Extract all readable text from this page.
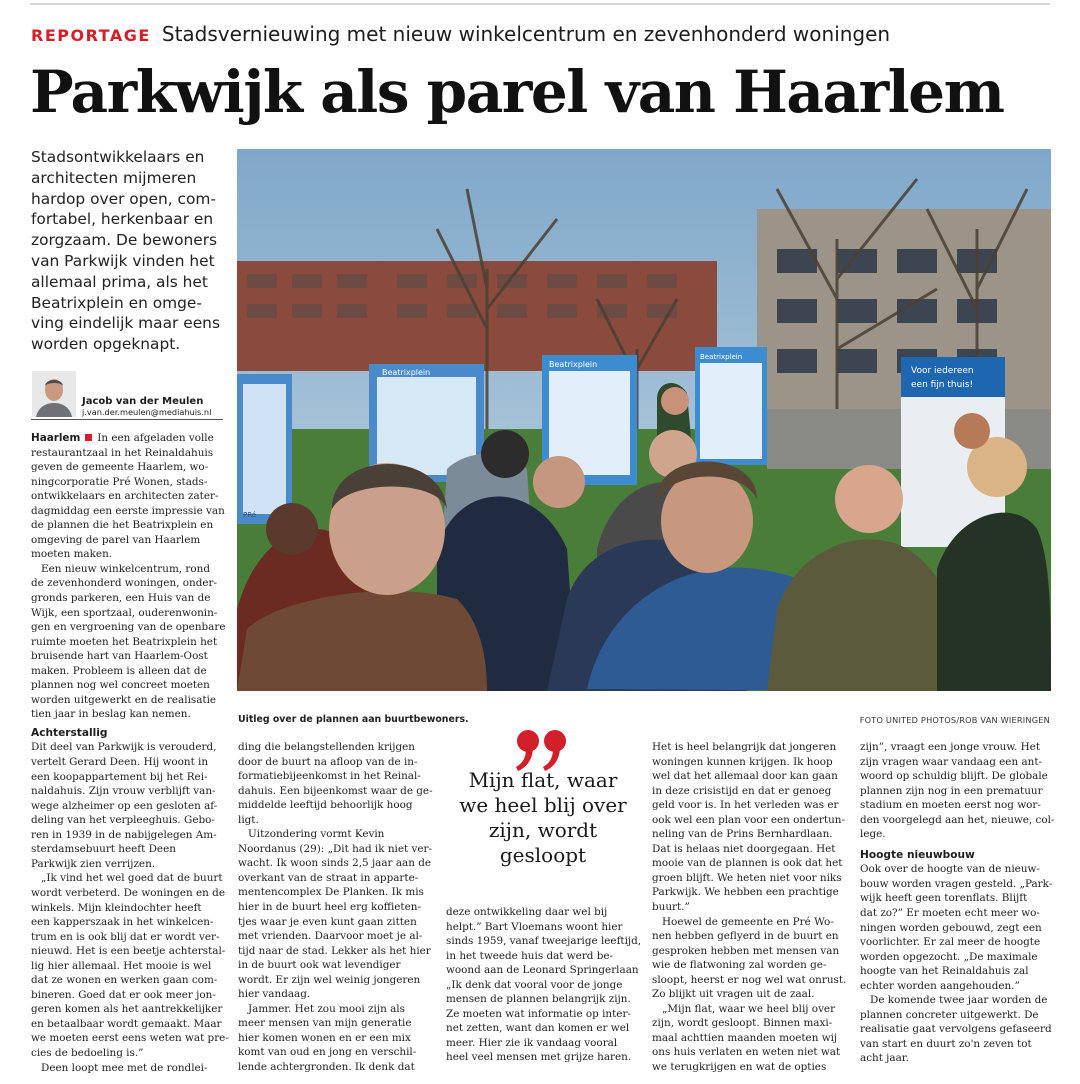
REPORTAGE Stadsvernieuwing met nieuw winkelcentrum en zevenhonderd woningen
Parkwijk als parel van Haarlem
Stadsontwikkelaars en
architecten mijmeren
hardop over open, com-
fortabel, herkenbaar en
zorgzaam. De bewoners
van Parkwijk vinden het
allemaal prima, als het
Beatrixplein en omge-
ving eindelijk maar eens
worden opgeknapt.
Jacob van der Meulen
j.van.der.meulen@mediahuis.nl
Beatrixplein
Beatrixplein
Beatrixplein
Voor iedereen
een fijn thuis!
PRé
Uitleg over de plannen aan buurtbewoners.	FOTO UNITED PHOTOS/ROB VAN WIERINGEN
Haarlem In een afgeladen volle
restaurantzaal in het Reinaldahuis
geven de gemeente Haarlem, wo-
ningcorporatie Pré Wonen, stads-
ontwikkelaars en architecten zater-
dagmiddag een eerste impressie van
de plannen die het Beatrixplein en
omgeving de parel van Haarlem
moeten maken.
Een nieuw winkelcentrum, rond
de zevenhonderd woningen, onder-
gronds parkeren, een Huis van de
Wijk, een sportzaal, ouderenwonin-
gen en vergroening van de openbare
ruimte moeten het Beatrixplein het
bruisende hart van Haarlem-Oost
maken. Probleem is alleen dat de
plannen nog wel concreet moeten
worden uitgewerkt en de realisatie
tien jaar in beslag kan nemen.
Achterstallig
Dit deel van Parkwijk is verouderd,
vertelt Gerard Deen. Hij woont in
een koopappartement bij het Rei-
naldahuis. Zijn vrouw verblijft van-
wege alzheimer op een gesloten af-
deling van het verpleeghuis. Gebo-
ren in 1939 in de nabijgelegen Am-
sterdamsebuurt heeft Deen
Parkwijk zien verrijzen.
„Ik vind het wel goed dat de buurt
wordt verbeterd. De woningen en de
winkels. Mijn kleindochter heeft
een kapperszaak in het winkelcen-
trum en is ook blij dat er wordt ver-
nieuwd. Het is een beetje achterstal-
lig hier allemaal. Het mooie is wel
dat ze wonen en werken gaan com-
bineren. Goed dat er ook meer jon-
geren komen als het aantrekkelijker
en betaalbaar wordt gemaakt. Maar
we moeten eerst eens weten wat pre-
cies de bedoeling is.”
Deen loopt mee met de rondlei-
ding die belangstellenden krijgen
door de buurt na afloop van de in-
formatiebijeenkomst in het Reinal-
dahuis. Een bijeenkomst waar de ge-
middelde leeftijd behoorlijk hoog
ligt.
Uitzondering vormt Kevin
Noordanus (29): „Dit had ik niet ver-
wacht. Ik woon sinds 2,5 jaar aan de
overkant van de straat in apparte-
mentencomplex De Planken. Ik mis
hier in de buurt heel erg koffieten-
tjes waar je even kunt gaan zitten
met vrienden. Daarvoor moet je al-
tijd naar de stad. Lekker als het hier
in de buurt ook wat levendiger
wordt. Er zijn wel weinig jongeren
hier vandaag.
Jammer. Het zou mooi zijn als
meer mensen van mijn generatie
hier komen wonen en er een mix
komt van oud en jong en verschil-
lende achtergronden. Ik denk dat
Mijn flat, waar
we heel blij over
zijn, wordt
gesloopt
deze ontwikkeling daar wel bij
helpt.” Bart Vloemans woont hier
sinds 1959, vanaf tweejarige leeftijd,
in het tweede huis dat werd be-
woond aan de Leonard Springerlaan
„Ik denk dat vooral voor de jonge
mensen de plannen belangrijk zijn.
Ze moeten wat informatie op inter-
net zetten, want dan komen er wel
meer. Hier zie ik vandaag vooral
heel veel mensen met grijze haren.
Het is heel belangrijk dat jongeren
woningen kunnen krijgen. Ik hoop
wel dat het allemaal door kan gaan
in deze crisistijd en dat er genoeg
geld voor is. In het verleden was er
ook wel een plan voor een ondertun-
neling van de Prins Bernhardlaan.
Dat is helaas niet doorgegaan. Het
mooie van de plannen is ook dat het
groen blijft. We heten niet voor niks
Parkwijk. We hebben een prachtige
buurt.”
Hoewel de gemeente en Pré Wo-
nen hebben geflyerd in de buurt en
gesproken hebben met mensen van
wie de flatwoning zal worden ge-
sloopt, heerst er nog wel wat onrust.
Zo blijkt uit vragen uit de zaal.
„Mijn flat, waar we heel blij over
zijn, wordt gesloopt. Binnen maxi-
maal achttien maanden moeten wij
ons huis verlaten en weten niet wat
we terugkrijgen en wat de opties
zijn”, vraagt een jonge vrouw. Het
zijn vragen waar vandaag een ant-
woord op schuldig blijft. De globale
plannen zijn nog in een prematuur
stadium en moeten eerst nog wor-
den voorgelegd aan het, nieuwe, col-
lege.
Hoogte nieuwbouw
Ook over de hoogte van de nieuw-
bouw worden vragen gesteld. „Park-
wijk heeft geen torenflats. Blijft
dat zo?” Er moeten echt meer wo-
ningen worden gebouwd, zegt een
voorlichter. Er zal meer de hoogte
worden opgezocht. „De maximale
hoogte van het Reinaldahuis zal
echter worden aangehouden.”
De komende twee jaar worden de
plannen concreter uitgewerkt. De
realisatie gaat vervolgens gefaseerd
van start en duurt zo'n zeven tot
acht jaar.
